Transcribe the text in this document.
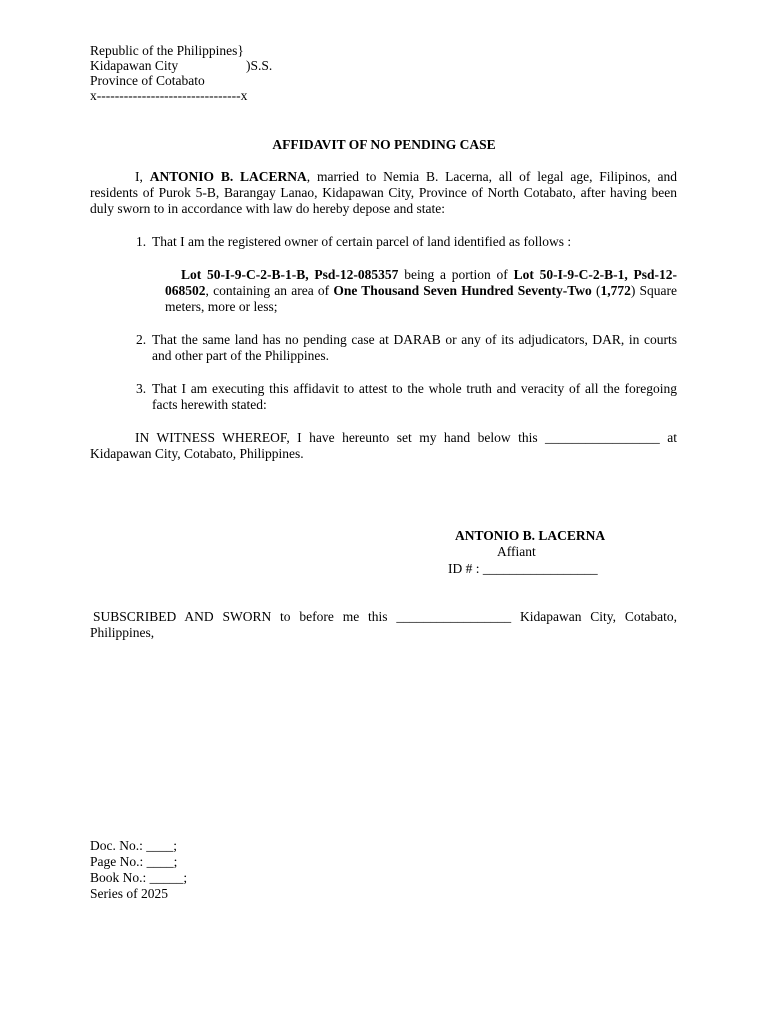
Republic of the Philippines}
Kidapawan City	)S.S.
Province of Cotabato
x--------------------------------x
AFFIDAVIT OF NO PENDING CASE
I, ANTONIO B. LACERNA, married to Nemia B. Lacerna, all of legal age, Filipinos, and residents of Purok 5-B, Barangay Lanao, Kidapawan City, Province of North Cotabato, after having been duly sworn to in accordance with law do hereby depose and state:
1. That I am the registered owner of certain parcel of land identified as follows :
Lot 50-I-9-C-2-B-1-B, Psd-12-085357 being a portion of Lot 50-I-9-C-2-B-1, Psd-12-068502, containing an area of One Thousand Seven Hundred Seventy-Two (1,772) Square meters, more or less;
2. That the same land has no pending case at DARAB or any of its adjudicators, DAR, in courts and other part of the Philippines.
3. That I am executing this affidavit to attest to the whole truth and veracity of all the foregoing facts herewith stated:
IN WITNESS WHEREOF, I have hereunto set my hand below this _________________ at Kidapawan City, Cotabato, Philippines.
ANTONIO B. LACERNA
Affiant
ID # : _________________
SUBSCRIBED AND SWORN to before me this _________________ Kidapawan City, Cotabato, Philippines,
Doc. No.: ____;
Page No.: ____;
Book No.: _____;
Series of 2025
